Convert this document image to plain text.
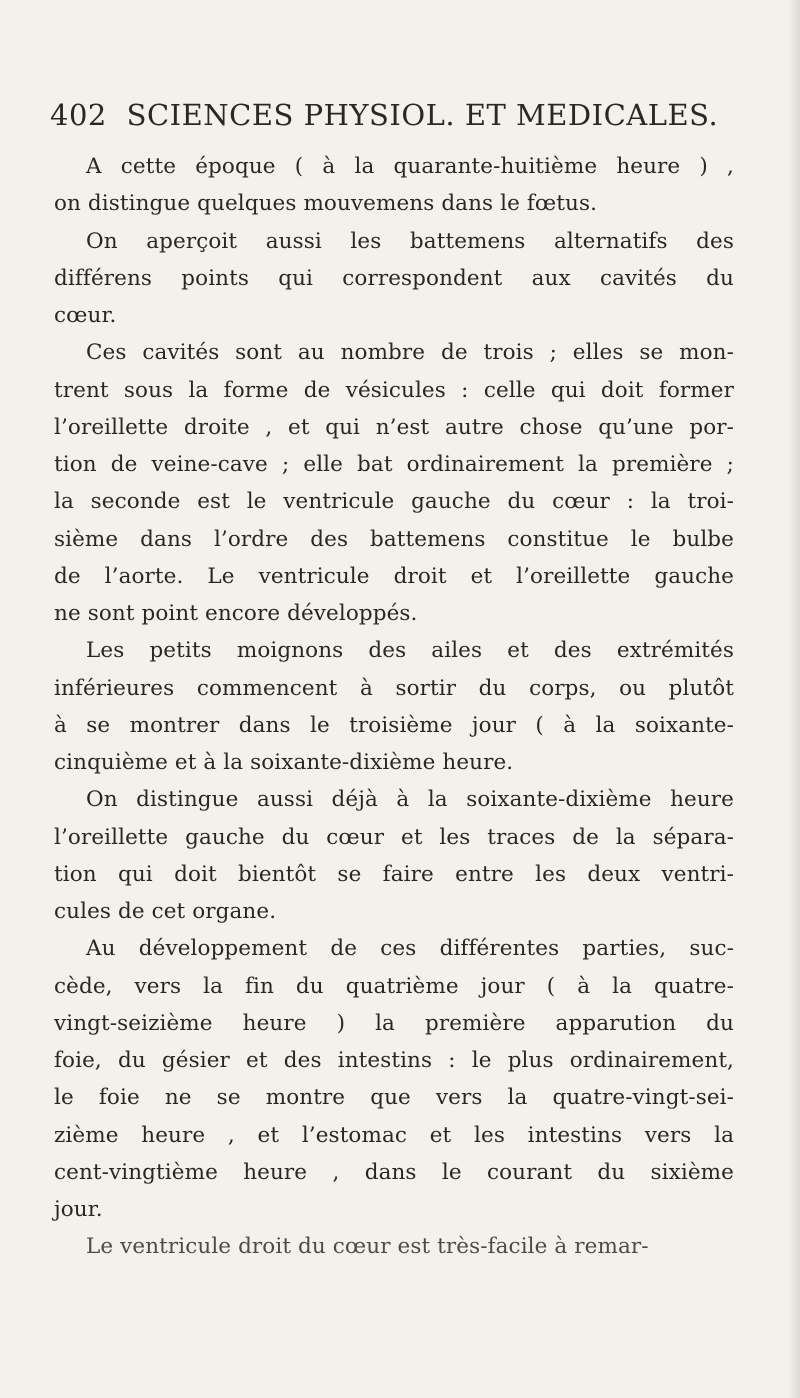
402 SCIENCES PHYSIOL. ET MEDICALES.
A cette époque ( à la quarante-huitième heure ) ,
on distingue quelques mouvemens dans le fœtus.
On aperçoit aussi les battemens alternatifs des
différens points qui correspondent aux cavités du
cœur.
Ces cavités sont au nombre de trois ; elles se mon-
trent sous la forme de vésicules : celle qui doit former
l’oreillette droite , et qui n’est autre chose qu’une por-
tion de veine-cave ; elle bat ordinairement la première ;
la seconde est le ventricule gauche du cœur : la troi-
sième dans l’ordre des battemens constitue le bulbe
de l’aorte. Le ventricule droit et l’oreillette gauche
ne sont point encore développés.
Les petits moignons des ailes et des extrémités
inférieures commencent à sortir du corps, ou plutôt
à se montrer dans le troisième jour ( à la soixante-
cinquième et à la soixante-dixième heure.
On distingue aussi déjà à la soixante-dixième heure
l’oreillette gauche du cœur et les traces de la sépara-
tion qui doit bientôt se faire entre les deux ventri-
cules de cet organe.
Au développement de ces différentes parties, suc-
cède, vers la fin du quatrième jour ( à la quatre-
vingt-seizième heure ) la première apparution du
foie, du gésier et des intestins : le plus ordinairement,
le foie ne se montre que vers la quatre-vingt-sei-
zième heure , et l’estomac et les intestins vers la
cent-vingtième heure , dans le courant du sixième
jour.
Le ventricule droit du cœur est très-facile à remar-
